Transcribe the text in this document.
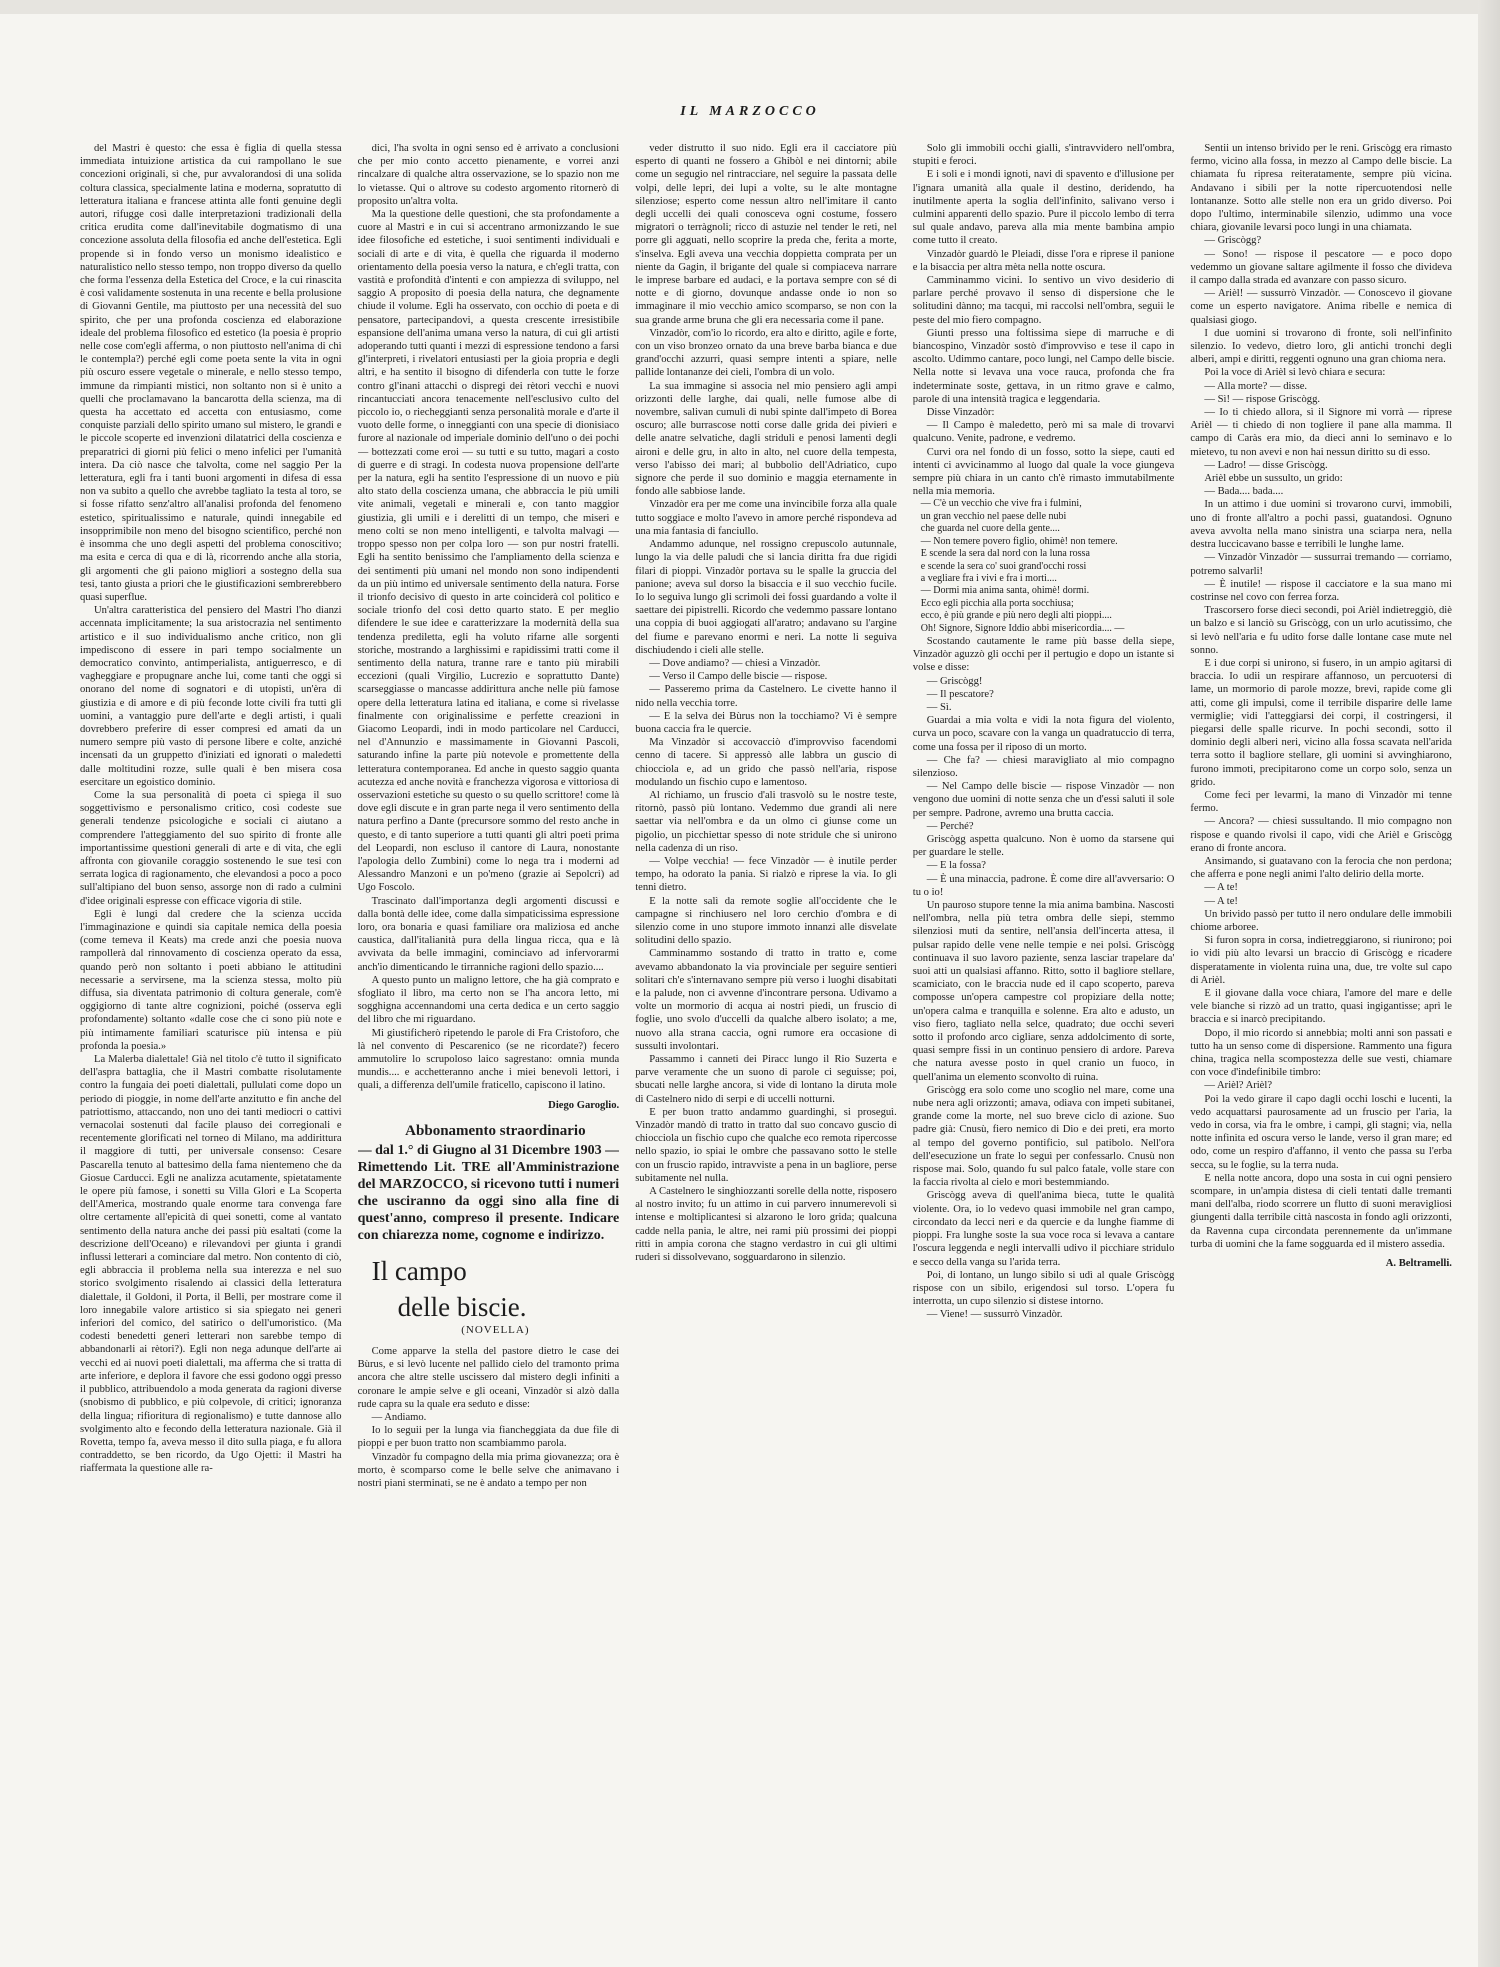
IL MARZOCCO

del Mastri è questo: che essa è figlia di quella stessa immediata intuizione artistica da cui rampollano le sue concezioni originali, sì che, pur avvalorandosi di una solida coltura classica, specialmente latina e moderna, sopratutto di letteratura italiana e francese attinta alle fonti genuine degli autori, rifugge così dalle interpretazioni tradizionali della critica erudita come dall'inevitabile dogmatismo di una concezione assoluta della filosofia ed anche dell'estetica. Egli propende sì in fondo verso un monismo idealistico e naturalistico nello stesso tempo, non troppo diverso da quello che forma l'essenza della Estetica del Croce, e la cui rinascita è così validamente sostenuta in una recente e bella prolusione di Giovanni Gentile, ma piuttosto per una necessità del suo spirito, che per una profonda coscienza ed elaborazione ideale del problema filosofico ed estetico (la poesia è proprio nelle cose com'egli afferma, o non piuttosto nell'anima di chi le contempla?) perché egli come poeta sente la vita in ogni più oscuro essere vegetale o minerale, e nello stesso tempo, immune da rimpianti mistici, non soltanto non si è unito a quelli che proclamavano la bancarotta della scienza, ma di questa ha accettato ed accetta con entusiasmo, come conquiste parziali dello spirito umano sul mistero, le grandi e le piccole scoperte ed invenzioni dilatatrici della coscienza e preparatrici di giorni più felici o meno infelici per l'umanità intera. Da ciò nasce che talvolta, come nel saggio Per la letteratura, egli fra i tanti buoni argomenti in difesa di essa non va subito a quello che avrebbe tagliato la testa al toro, se si fosse rifatto senz'altro all'analisi profonda del fenomeno estetico, spiritualissimo e naturale, quindi innegabile ed insopprimibile non meno del bisogno scientifico, perché non è insomma che uno degli aspetti del problema conoscitivo; ma esita e cerca di qua e di là, ricorrendo anche alla storia, gli argomenti che gli paiono migliori a sostegno della sua tesi, tanto giusta a priori che le giustificazioni sembrerebbero quasi superflue.

Un'altra caratteristica del pensiero del Mastri l'ho dianzi accennata implicitamente; la sua aristocrazia nel sentimento artistico e il suo individualismo anche critico, non gli impediscono di essere in pari tempo socialmente un democratico convinto, antimperialista, antiguerresco, e di vagheggiare e propugnare anche lui, come tanti che oggi si onorano del nome di sognatori e di utopisti, un'èra di giustizia e di amore e di più feconde lotte civili fra tutti gli uomini, a vantaggio pure dell'arte e degli artisti, i quali dovrebbero preferire di esser compresi ed amati da un numero sempre più vasto di persone libere e colte, anziché incensati da un gruppetto d'iniziati ed ignorati o maledetti dalle moltitudini rozze, sulle quali è ben misera cosa esercitare un egoistico dominio.

Come la sua personalità di poeta ci spiega il suo soggettivismo e personalismo critico, così codeste sue generali tendenze psicologiche e sociali ci aiutano a comprendere l'atteggiamento del suo spirito di fronte alle importantissime questioni generali di arte e di vita, che egli affronta con giovanile coraggio sostenendo le sue tesi con serrata logica di ragionamento, che elevandosi a poco a poco sull'altipiano del buon senso, assorge non di rado a culmini d'idee originali espresse con efficace vigoria di stile.

Egli è lungi dal credere che la scienza uccida l'immaginazione e quindi sia capitale nemica della poesia (come temeva il Keats) ma crede anzi che poesia nuova rampollerà dal rinnovamento di coscienza operato da essa, quando però non soltanto i poeti abbiano le attitudini necessarie a servirsene, ma la scienza stessa, molto più diffusa, sia diventata patrimonio di coltura generale, com'è oggigiorno di tante altre cognizioni, poiché (osserva egli profondamente) soltanto «dalle cose che ci sono più note e più intimamente familiari scaturisce più intensa e più profonda la poesia.»

La Malerba dialettale! Già nel titolo c'è tutto il significato dell'aspra battaglia, che il Mastri combatte risolutamente contro la fungaia dei poeti dialettali, pullulati come dopo un periodo di pioggie, in nome dell'arte anzitutto e fin anche del patriottismo, attaccando, non uno dei tanti mediocri o cattivi vernacolai sostenuti dal facile plauso dei corregionali e recentemente glorificati nel torneo di Milano, ma addirittura il maggiore di tutti, per universale consenso: Cesare Pascarella tenuto al battesimo della fama nientemeno che da Giosue Carducci. Egli ne analizza acutamente, spietatamente le opere più famose, i sonetti su Villa Glori e La Scoperta dell'America, mostrando quale enorme tara convenga fare oltre certamente all'epicità di quei sonetti, come al vantato sentimento della natura anche dei passi più esaltati (come la descrizione dell'Oceano) e rilevandovi per giunta i grandi influssi letterari a cominciare dal metro. Non contento di ciò, egli abbraccia il problema nella sua interezza e nel suo storico svolgimento risalendo ai classici della letteratura dialettale, il Goldoni, il Porta, il Belli, per mostrare come il loro innegabile valore artistico si sia spiegato nei generi inferiori del comico, del satirico o dell'umoristico. (Ma codesti benedetti generi letterari non sarebbe tempo di abbandonarli ai rètori?). Egli non nega adunque dell'arte ai vecchi ed ai nuovi poeti dialettali, ma afferma che si tratta di arte inferiore, e deplora il favore che essi godono oggi presso il pubblico, attribuendolo a moda generata da ragioni diverse (snobismo di pubblico, e più colpevole, di critici; ignoranza della lingua; rifioritura di regionalismo) e tutte dannose allo svolgimento alto e fecondo della letteratura nazionale. Già il Rovetta, tempo fa, aveva messo il dito sulla piaga, e fu allora contraddetto, se ben ricordo, da Ugo Ojetti: il Mastri ha riaffermata la questione alle ra-

dici, l'ha svolta in ogni senso ed è arrivato a conclusioni che per mio conto accetto pienamente, e vorrei anzi rincalzare di qualche altra osservazione, se lo spazio non me lo vietasse. Qui o altrove su codesto argomento ritornerò di proposito un'altra volta.

Ma la questione delle questioni, che sta profondamente a cuore al Mastri e in cui si accentrano armonizzando le sue idee filosofiche ed estetiche, i suoi sentimenti individuali e sociali di arte e di vita, è quella che riguarda il moderno orientamento della poesia verso la natura, e ch'egli tratta, con vastità e profondità d'intenti e con ampiezza di sviluppo, nel saggio A proposito di poesia della natura, che degnamente chiude il volume. Egli ha osservato, con occhio di poeta e di pensatore, partecipandovi, a questa crescente irresistibile espansione dell'anima umana verso la natura, di cui gli artisti adoperando tutti quanti i mezzi di espressione tendono a farsi gl'interpreti, i rivelatori entusiasti per la gioia propria e degli altri, e ha sentito il bisogno di difenderla con tutte le forze contro gl'inani attacchi o dispregi dei rètori vecchi e nuovi rincantucciati ancora tenacemente nell'esclusivo culto del piccolo io, o riecheggianti senza personalità morale e d'arte il vuoto delle forme, o inneggianti con una specie di dionisiaco furore al nazionale od imperiale dominio dell'uno o dei pochi — bottezzati come eroi — su tutti e su tutto, magari a costo di guerre e di stragi. In codesta nuova propensione dell'arte per la natura, egli ha sentito l'espressione di un nuovo e più alto stato della coscienza umana, che abbraccia le più umili vite animali, vegetali e minerali e, con tanto maggior giustizia, gli umili e i derelitti di un tempo, che miseri e meno colti se non meno intelligenti, e talvolta malvagi — troppo spesso non per colpa loro — son pur nostri fratelli. Egli ha sentito benissimo che l'ampliamento della scienza e dei sentimenti più umani nel mondo non sono indipendenti da un più intimo ed universale sentimento della natura. Forse il trionfo decisivo di questo in arte coinciderà col politico e sociale trionfo del così detto quarto stato. E per meglio difendere le sue idee e caratterizzare la modernità della sua tendenza prediletta, egli ha voluto rifarne alle sorgenti storiche, mostrando a larghissimi e rapidissimi tratti come il sentimento della natura, tranne rare e tanto più mirabili eccezioni (quali Virgilio, Lucrezio e soprattutto Dante) scarseggiasse o mancasse addirittura anche nelle più famose opere della letteratura latina ed italiana, e come si rivelasse finalmente con originalissime e perfette creazioni in Giacomo Leopardi, indi in modo particolare nel Carducci, nel d'Annunzio e massimamente in Giovanni Pascoli, saturando infine la parte più notevole e promettente della letteratura contemporanea. Ed anche in questo saggio quanta acutezza ed anche novità e franchezza vigorosa e vittoriosa di osservazioni estetiche su questo o su quello scrittore! come là dove egli discute e in gran parte nega il vero sentimento della natura perfino a Dante (precursore sommo del resto anche in questo, e di tanto superiore a tutti quanti gli altri poeti prima del Leopardi, non escluso il cantore di Laura, nonostante l'apologia dello Zumbini) come lo nega tra i moderni ad Alessandro Manzoni e un po'meno (grazie ai Sepolcri) ad Ugo Foscolo.

Trascinato dall'importanza degli argomenti discussi e dalla bontà delle idee, come dalla simpaticissima espressione loro, ora bonaria e quasi familiare ora maliziosa ed anche caustica, dall'italianità pura della lingua ricca, qua e là avvivata da belle immagini, cominciavo ad infervorarmi anch'io dimenticando le tirranniche ragioni dello spazio....

A questo punto un maligno lettore, che ha già comprato e sfogliato il libro, ma certo non se l'ha ancora letto, mi sogghigna accennandomi una certa dedica e un certo saggio del libro che mi riguardano.

Mi giustificherò ripetendo le parole di Fra Cristoforo, che là nel convento di Pescarenico (se ne ricordate?) fecero ammutolire lo scrupoloso laico sagrestano: omnia munda mundis.... e acchetteranno anche i miei benevoli lettori, i quali, a differenza dell'umile fraticello, capiscono il latino.

Diego Garoglio.

Abbonamento straordinario

— dal 1.° di Giugno al 31 Dicembre 1903 — Rimettendo Lit. TRE all'Amministrazione del MARZOCCO, si ricevono tutti i numeri che usciranno da oggi sino alla fine di quest'anno, compreso il presente. Indicare con chiarezza nome, cognome e indirizzo.

Il campo

delle biscie.

(NOVELLA)

Come apparve la stella del pastore dietro le case dei Bùrus, e si levò lucente nel pallido cielo del tramonto prima ancora che altre stelle uscissero dal mistero degli infiniti a coronare le ampie selve e gli oceani, Vinzadòr si alzò dalla rude capra su la quale era seduto e disse:

— Andiamo.

Io lo seguii per la lunga via fiancheggiata da due file di pioppi e per buon tratto non scambiammo parola.

Vinzadòr fu compagno della mia prima giovanezza; ora è morto, è scomparso come le belle selve che animavano i nostri piani sterminati, se ne è andato a tempo per non

veder distrutto il suo nido. Egli era il cacciatore più esperto di quanti ne fossero a Ghibòl e nei dintorni; abile come un segugio nel rintracciare, nel seguire la passata delle volpi, delle lepri, dei lupi a volte, su le alte montagne silenziose; esperto come nessun altro nell'imitare il canto degli uccelli dei quali conosceva ogni costume, fossero migratori o terràgnoli; ricco di astuzie nel tender le reti, nel porre gli agguati, nello scoprire la preda che, ferita a morte, s'inselva. Egli aveva una vecchia doppietta comprata per un niente da Gagin, il brigante del quale si compiaceva narrare le imprese barbare ed audaci, e la portava sempre con sé di notte e di giorno, dovunque andasse onde io non so immaginare il mio vecchio amico scomparso, se non con la sua grande arme bruna che gli era necessaria come il pane.

Vinzadòr, com'io lo ricordo, era alto e diritto, agile e forte, con un viso bronzeo ornato da una breve barba bianca e due grand'occhi azzurri, quasi sempre intenti a spiare, nelle pallide lontananze dei cieli, l'ombra di un volo.

La sua immagine si associa nel mio pensiero agli ampi orizzonti delle larghe, dai quali, nelle fumose albe di novembre, salivan cumuli di nubi spinte dall'impeto di Borea oscuro; alle burrascose notti corse dalle grida dei pivieri e delle anatre selvatiche, dagli striduli e penosi lamenti degli aironi e delle gru, in alto in alto, nel cuore della tempesta, verso l'abisso dei mari; al bubbolio dell'Adriatico, cupo signore che perde il suo dominio e maggia eternamente in fondo alle sabbiose lande.

Vinzadòr era per me come una invincibile forza alla quale tutto soggiace e molto l'avevo in amore perché rispondeva ad una mia fantasia di fanciullo.

Andammo adunque, nel rossigno crepuscolo autunnale, lungo la via delle paludi che si lancia diritta fra due rigidi filari di pioppi. Vinzadòr portava su le spalle la gruccia del panione; aveva sul dorso la bisaccia e il suo vecchio fucile. Io lo seguiva lungo gli scrimoli dei fossi guardando a volte il saettare dei pipistrelli. Ricordo che vedemmo passare lontano una coppia di buoi aggiogati all'aratro; andavano su l'argine del fiume e parevano enormi e neri. La notte li seguiva dischiudendo i cieli alle stelle.

— Dove andiamo? — chiesi a Vinzadòr.

— Verso il Campo delle biscie — rispose.

— Passeremo prima da Castelnero. Le civette hanno il nido nella vecchia torre.

— E la selva dei Bùrus non la tocchiamo? Vi è sempre buona caccia fra le quercie.

Ma Vinzadòr si accovacciò d'improvviso facendomi cenno di tacere. Si appressò alle labbra un guscio di chiocciola e, ad un grido che passò nell'aria, rispose modulando un fischio cupo e lamentoso.

Al richiamo, un fruscio d'ali trasvolò su le nostre teste, ritornò, passò più lontano. Vedemmo due grandi ali nere saettar via nell'ombra e da un olmo ci giunse come un pigolio, un picchiettar spesso di note stridule che si unirono nella cadenza di un riso.

— Volpe vecchia! — fece Vinzadòr — è inutile perder tempo, ha odorato la pania. Si rialzò e riprese la via. Io gli tenni dietro.

E la notte salì da remote soglie all'occidente che le campagne si rinchiusero nel loro cerchio d'ombra e di silenzio come in uno stupore immoto innanzi alle disvelate solitudini dello spazio.

Camminammo sostando di tratto in tratto e, come avevamo abbandonato la via provinciale per seguire sentieri solitari ch'e s'internavano sempre più verso i luoghi disabitati e la palude, non ci avvenne d'incontrare persona. Udivamo a volte un mormorio di acqua ai nostri piedi, un fruscio di foglie, uno svolo d'uccelli da qualche albero isolato; a me, nuovo alla strana caccia, ogni rumore era occasione di sussulti involontari.

Passammo i canneti dei Piracc lungo il Rio Suzerta e parve veramente che un suono di parole ci seguisse; poi, sbucati nelle larghe ancora, si vide di lontano la diruta mole di Castelnero nido di serpi e di uccelli notturni.

E per buon tratto andammo guardinghi, si proseguì. Vinzadòr mandò di tratto in tratto dal suo concavo guscio di chiocciola un fischio cupo che qualche eco remota ripercosse nello spazio, io spiai le ombre che passavano sotto le stelle con un fruscio rapido, intravviste a pena in un bagliore, perse subitamente nel nulla.

A Castelnero le singhiozzanti sorelle della notte, risposero al nostro invito; fu un attimo in cui parvero innumerevoli sì intense e moltiplicantesi si alzarono le loro grida; qualcuna cadde nella pania, le altre, nei rami più prossimi dei pioppi ritti in ampia corona che stagno verdastro in cui gli ultimi ruderi si dissolvevano, sogguardarono in silenzio.

Solo gli immobili occhi gialli, s'intravvidero nell'ombra, stupiti e feroci.

E i soli e i mondi ignoti, navi di spavento e d'illusione per l'ignara umanità alla quale il destino, deridendo, ha inutilmente aperta la soglia dell'infinito, salivano verso i culmini apparenti dello spazio. Pure il piccolo lembo di terra sul quale andavo, pareva alla mia mente bambina ampio come tutto il creato.

Vinzadòr guardò le Pleiadi, disse l'ora e riprese il panione e la bisaccia per altra mèta nella notte oscura.

Camminammo vicini. Io sentivo un vivo desiderio di parlare perché provavo il senso di dispersione che le solitudini dànno; ma tacqui, mi raccolsi nell'ombra, seguii le peste del mio fiero compagno.

Giunti presso una foltissima siepe di marruche e di biancospino, Vinzadòr sostò d'improvviso e tese il capo in ascolto. Udimmo cantare, poco lungi, nel Campo delle biscie. Nella notte si levava una voce rauca, profonda che fra indeterminate soste, gettava, in un ritmo grave e calmo, parole di una intensità tragica e leggendaria.

Disse Vinzadòr:

— Il Campo è maledetto, però mi sa male di trovarvi qualcuno. Venite, padrone, e vedremo.

Curvi ora nel fondo di un fosso, sotto la siepe, cauti ed intenti ci avvicinammo al luogo dal quale la voce giungeva sempre più chiara in un canto ch'è rimasto immutabilmente nella mia memoria.

— C'è un vecchio che vive fra i fulmini,

un gran vecchio nel paese delle nubi

che guarda nel cuore della gente....

— Non temere povero figlio, ohimè! non temere.

E scende la sera dal nord con la luna rossa

e scende la sera co' suoi grand'occhi rossi

a vegliare fra i vivi e fra i morti....

— Dormi mia anima santa, ohimè! dormi.

Ecco egli picchia alla porta socchiusa;

ecco, è più grande e più nero degli alti pioppi....

Oh! Signore, Signore Iddio abbi misericordia.... —

Scostando cautamente le rame più basse della siepe, Vinzadòr aguzzò gli occhi per il pertugio e dopo un istante si volse e disse:

— Griscògg!

— Il pescatore?

— Sì.

Guardai a mia volta e vidi la nota figura del violento, curva un poco, scavare con la vanga un quadratuccio di terra, come una fossa per il riposo di un morto.

— Che fa? — chiesi maravigliato al mio compagno silenzioso.

— Nel Campo delle biscie — rispose Vinzadòr — non vengono due uomini di notte senza che un d'essi saluti il sole per sempre. Padrone, avremo una brutta caccia.

— Perché?

Griscògg aspetta qualcuno. Non è uomo da starsene qui per guardare le stelle.

— E la fossa?

— È una minaccia, padrone. È come dire all'avversario: O tu o io!

Un pauroso stupore tenne la mia anima bambina. Nascosti nell'ombra, nella più tetra ombra delle siepi, stemmo silenziosi muti da sentire, nell'ansia dell'incerta attesa, il pulsar rapido delle vene nelle tempie e nei polsi. Griscògg continuava il suo lavoro paziente, senza lasciar trapelare da' suoi atti un qualsiasi affanno. Ritto, sotto il bagliore stellare, scamiciato, con le braccia nude ed il capo scoperto, pareva composse un'opera campestre col propiziare della notte; un'opera calma e tranquilla e solenne. Era alto e adusto, un viso fiero, tagliato nella selce, quadrato; due occhi severi sotto il profondo arco cigliare, senza addolcimento di sorte, quasi sempre fissi in un continuo pensiero di ardore. Pareva che natura avesse posto in quel cranio un fuoco, in quell'anima un elemento sconvolto di ruina.

Griscògg era solo come uno scoglio nel mare, come una nube nera agli orizzonti; amava, odiava con impeti subitanei, grande come la morte, nel suo breve ciclo di azione. Suo padre già: Cnusù, fiero nemico di Dio e dei preti, era morto al tempo del governo pontificio, sul patibolo. Nell'ora dell'esecuzione un frate lo seguì per confessarlo. Cnusù non rispose mai. Solo, quando fu sul palco fatale, volle stare con la faccia rivolta al cielo e morì bestemmiando.

Griscògg aveva di quell'anima bieca, tutte le qualità violente. Ora, io lo vedevo quasi immobile nel gran campo, circondato da lecci neri e da quercie e da lunghe fiamme di pioppi. Fra lunghe soste la sua voce roca si levava a cantare l'oscura leggenda e negli intervalli udivo il picchiare stridulo e secco della vanga su l'arida terra.

Poi, di lontano, un lungo sibilo si udì al quale Griscògg rispose con un sibilo, erigendosi sul torso. L'opera fu interrotta, un cupo silenzio si distese intorno.

— Viene! — sussurrò Vinzadòr.

Sentii un intenso brivido per le reni. Griscògg era rimasto fermo, vicino alla fossa, in mezzo al Campo delle biscie. La chiamata fu ripresa reiteratamente, sempre più vicina. Andavano i sibili per la notte ripercuotendosi nelle lontananze. Sotto alle stelle non era un grido diverso. Poi dopo l'ultimo, interminabile silenzio, udimmo una voce chiara, giovanile levarsi poco lungi in una chiamata.

— Griscògg?

— Sono! — rispose il pescatore — e poco dopo vedemmo un giovane saltare agilmente il fosso che divideva il campo dalla strada ed avanzare con passo sicuro.

— Arièl! — sussurrò Vinzadòr. — Conoscevo il giovane come un esperto navigatore. Anima ribelle e nemica di qualsiasi giogo.

I due uomini si trovarono di fronte, soli nell'infinito silenzio. Io vedevo, dietro loro, gli antichi tronchi degli alberi, ampi e diritti, reggenti ognuno una gran chioma nera.

Poi la voce di Arièl si levò chiara e secura:

— Alla morte? — disse.

— Sì! — rispose Griscògg.

— Io ti chiedo allora, sì il Signore mi vorrà — riprese Arièl — ti chiedo di non togliere il pane alla mamma. Il campo di Caràs era mio, da dieci anni lo seminavo e lo mietevo, tu non avevi e non hai nessun diritto su di esso.

— Ladro! — disse Griscògg.

Arièl ebbe un sussulto, un grido:

— Bada.... bada....

In un attimo i due uomini si trovarono curvi, immobili, uno di fronte all'altro a pochi passi, guatandosi. Ognuno aveva avvolta nella mano sinistra una sciarpa nera, nella destra luccicavano basse e terribili le lunghe lame.

— Vinzadòr Vinzadòr — sussurrai tremando — corriamo, potremo salvarli!

— È inutile! — rispose il cacciatore e la sua mano mi costrinse nel covo con ferrea forza.

Trascorsero forse dieci secondi, poi Arièl indietreggiò, diè un balzo e si lanciò su Griscògg, con un urlo acutissimo, che si levò nell'aria e fu udito forse dalle lontane case mute nel sonno.

E i due corpi si unirono, si fusero, in un ampio agitarsi di braccia. Io udii un respirare affannoso, un percuotersi di lame, un mormorio di parole mozze, brevi, rapide come gli atti, come gli impulsi, come il terribile disparire delle lame vermiglie; vidi l'atteggiarsi dei corpi, il costringersi, il piegarsi delle spalle ricurve. In pochi secondi, sotto il dominio degli alberi neri, vicino alla fossa scavata nell'arida terra sotto il bagliore stellare, gli uomini si avvinghiarono, furono immoti, precipitarono come un corpo solo, senza un grido.

Come feci per levarmi, la mano di Vinzadòr mi tenne fermo.

— Ancora? — chiesi sussultando. Il mio compagno non rispose e quando rivolsi il capo, vidi che Arièl e Griscògg erano di fronte ancora.

Ansimando, si guatavano con la ferocia che non perdona; che afferra e pone negli animi l'alto delirio della morte.

— A te!

— A te!

Un brivido passò per tutto il nero ondulare delle immobili chiome arboree.

Si furon sopra in corsa, indietreggiarono, si riunirono; poi io vidi più alto levarsi un braccio di Griscògg e ricadere disperatamente in violenta ruina una, due, tre volte sul capo di Arièl.

E il giovane dalla voce chiara, l'amore del mare e delle vele bianche si rizzò ad un tratto, quasi ingigantisse; aprì le braccia e si inarcò precipitando.

Dopo, il mio ricordo si annebbia; molti anni son passati e tutto ha un senso come di dispersione. Rammento una figura china, tragica nella scompostezza delle sue vesti, chiamare con voce d'indefinibile timbro:

— Arièl? Arièl?

Poi la vedo girare il capo dagli occhi loschi e lucenti, la vedo acquattarsi paurosamente ad un fruscio per l'aria, la vedo in corsa, via fra le ombre, i campi, gli stagni; via, nella notte infinita ed oscura verso le lande, verso il gran mare; ed odo, come un respiro d'affanno, il vento che passa su l'erba secca, su le foglie, su la terra nuda.

E nella notte ancora, dopo una sosta in cui ogni pensiero scompare, in un'ampia distesa di cieli tentati dalle tremanti mani dell'alba, riodo scorrere un flutto di suoni meravigliosi giungenti dalla terribile città nascosta in fondo agli orizzonti, da Ravenna cupa circondata perennemente da un'immane turba di uomini che la fame sogguarda ed il mistero assedia.

A. Beltramelli.
